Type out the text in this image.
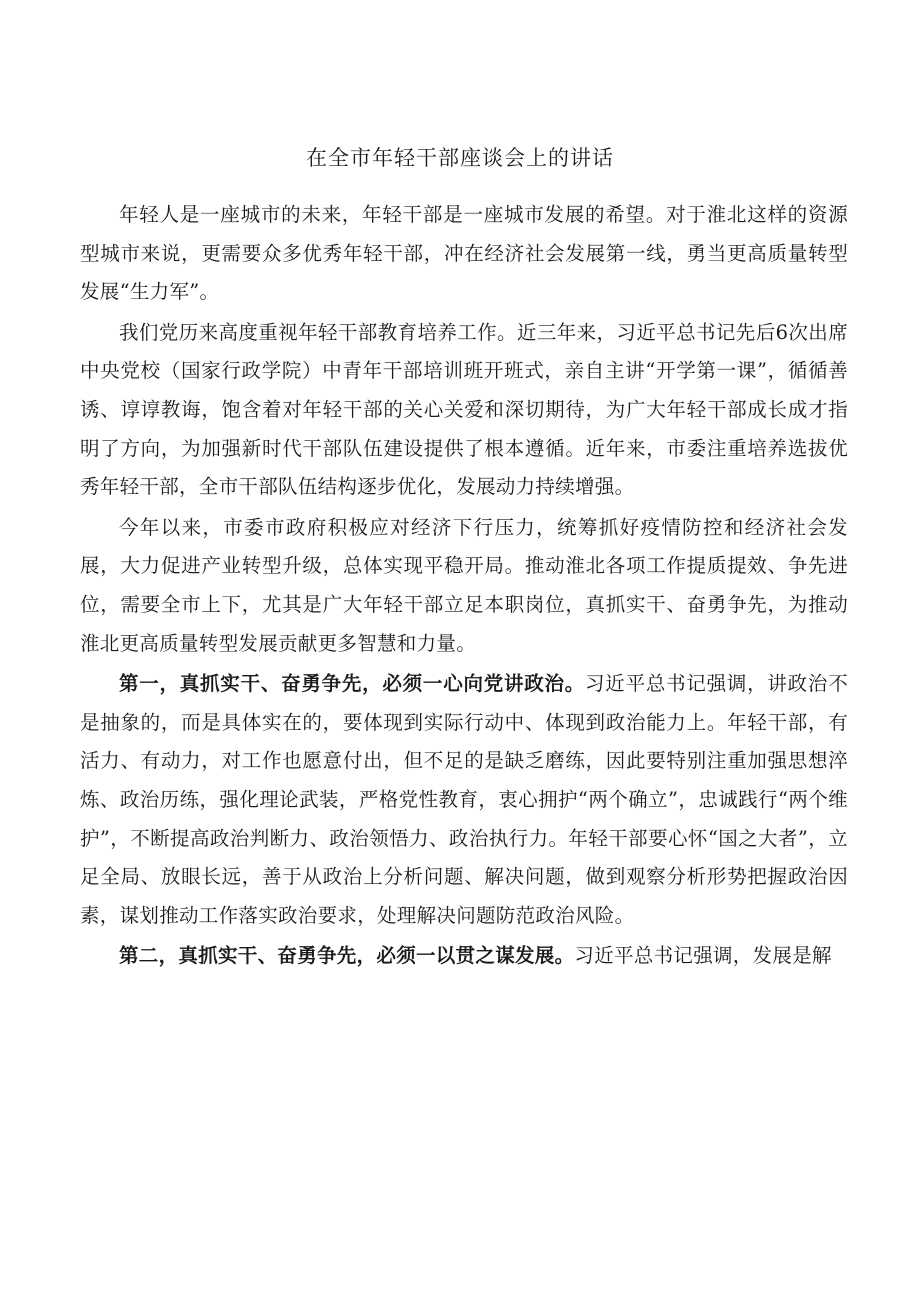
在全市年轻干部座谈会上的讲话

年轻人是一座城市的未来，年轻干部是一座城市发展的希望。对于淮北这样的资源型城市来说，更需要众多优秀年轻干部，冲在经济社会发展第一线，勇当更高质量转型发展“生力军”。

我们党历来高度重视年轻干部教育培养工作。近三年来，习近平总书记先后6次出席中央党校（国家行政学院）中青年干部培训班开班式，亲自主讲“开学第一课”，循循善诱、谆谆教诲，饱含着对年轻干部的关心关爱和深切期待，为广大年轻干部成长成才指明了方向，为加强新时代干部队伍建设提供了根本遵循。近年来，市委注重培养选拔优秀年轻干部，全市干部队伍结构逐步优化，发展动力持续增强。

今年以来，市委市政府积极应对经济下行压力，统筹抓好疫情防控和经济社会发展，大力促进产业转型升级，总体实现平稳开局。推动淮北各项工作提质提效、争先进位，需要全市上下，尤其是广大年轻干部立足本职岗位，真抓实干、奋勇争先，为推动淮北更高质量转型发展贡献更多智慧和力量。

第一，真抓实干、奋勇争先，必须一心向党讲政治。习近平总书记强调，讲政治不是抽象的，而是具体实在的，要体现到实际行动中、体现到政治能力上。年轻干部，有活力、有动力，对工作也愿意付出，但不足的是缺乏磨练，因此要特别注重加强思想淬炼、政治历练，强化理论武装，严格党性教育，衷心拥护“两个确立”，忠诚践行“两个维护”，不断提高政治判断力、政治领悟力、政治执行力。年轻干部要心怀“国之大者”，立足全局、放眼长远，善于从政治上分析问题、解决问题，做到观察分析形势把握政治因素，谋划推动工作落实政治要求，处理解决问题防范政治风险。

第二，真抓实干、奋勇争先，必须一以贯之谋发展。习近平总书记强调，发展是解
